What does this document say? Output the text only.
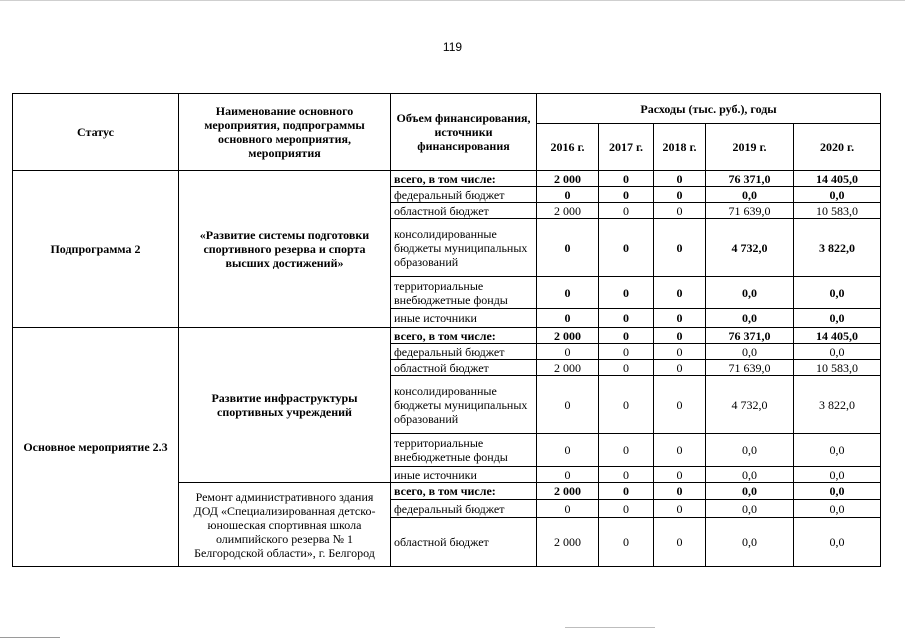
119
Статус	Наименование основного мероприятия, подпрограммы основного мероприятия, мероприятия	Объем финансирования, источники финансирования	Расходы (тыс. руб.), годы				
			2016 г.	2017 г.	2018 г.	2019 г.	2020 г.
Подпрограмма 2	«Развитие системы подготовки спортивного резерва и спорта высших достижений»	всего, в том числе:	2 000	0	0	76 371,0	14 405,0
		федеральный бюджет	0	0	0	0,0	0,0
		областной бюджет	2 000	0	0	71 639,0	10 583,0
		консолидированные бюджеты муниципальных образований	0	0	0	4 732,0	3 822,0
		территориальные внебюджетные фонды	0	0	0	0,0	0,0
		иные источники	0	0	0	0,0	0,0
Основное мероприятие 2.3	Развитие инфраструктуры спортивных учреждений	всего, в том числе:	2 000	0	0	76 371,0	14 405,0
		федеральный бюджет	0	0	0	0,0	0,0
		областной бюджет	2 000	0	0	71 639,0	10 583,0
		консолидированные бюджеты муниципальных образований	0	0	0	4 732,0	3 822,0
		территориальные внебюджетные фонды	0	0	0	0,0	0,0
		иные источники	0	0	0	0,0	0,0
	Ремонт административного здания ДОД «Специализированная детско-юношеская спортивная школа олимпийского резерва № 1 Белгородской области», г. Белгород	всего, в том числе:	2 000	0	0	0,0	0,0
		федеральный бюджет	0	0	0	0,0	0,0
		областной бюджет	2 000	0	0	0,0	0,0
